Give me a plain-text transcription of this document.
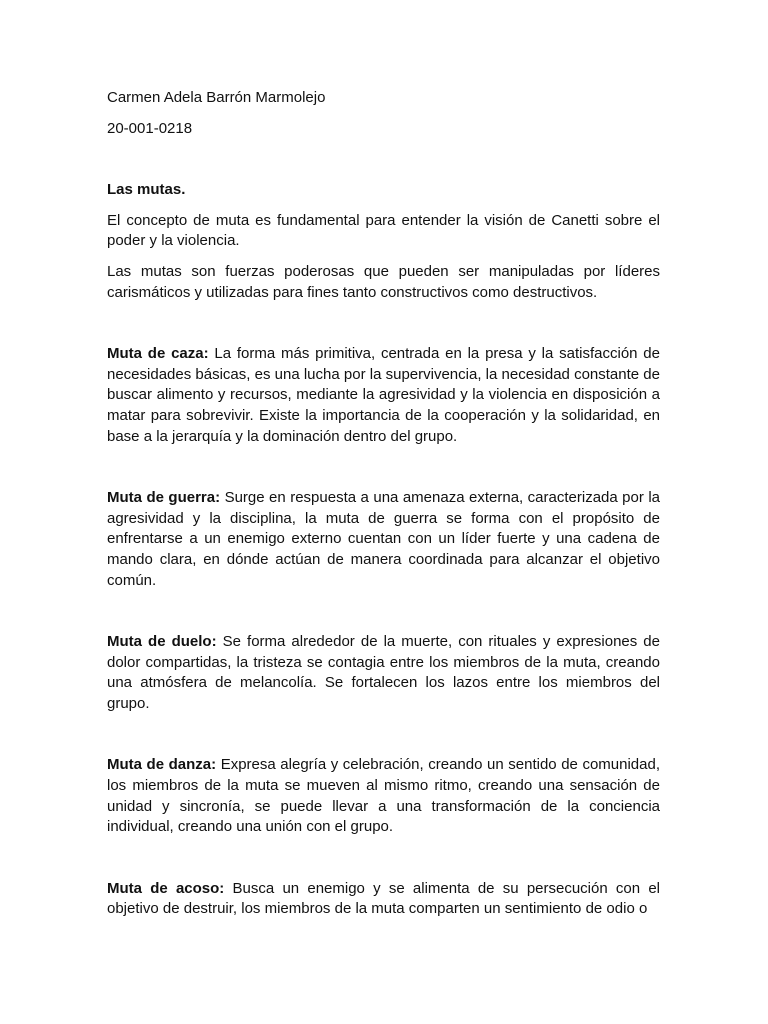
Carmen Adela Barrón Marmolejo

20-001-0218

Las mutas.

El concepto de muta es fundamental para entender la visión de Canetti sobre el poder y la violencia.

Las mutas son fuerzas poderosas que pueden ser manipuladas por líderes carismáticos y utilizadas para fines tanto constructivos como destructivos.

Muta de caza: La forma más primitiva, centrada en la presa y la satisfacción de necesidades básicas, es una lucha por la supervivencia, la necesidad constante de buscar alimento y recursos, mediante la agresividad y la violencia en disposición a matar para sobrevivir. Existe la importancia de la cooperación y la solidaridad, en base a la jerarquía y la dominación dentro del grupo.

Muta de guerra: Surge en respuesta a una amenaza externa, caracterizada por la agresividad y la disciplina, la muta de guerra se forma con el propósito de enfrentarse a un enemigo externo cuentan con un líder fuerte y una cadena de mando clara, en dónde actúan de manera coordinada para alcanzar el objetivo común.

Muta de duelo: Se forma alrededor de la muerte, con rituales y expresiones de dolor compartidas, la tristeza se contagia entre los miembros de la muta, creando una atmósfera de melancolía. Se fortalecen los lazos entre los miembros del grupo.

Muta de danza: Expresa alegría y celebración, creando un sentido de comunidad, los miembros de la muta se mueven al mismo ritmo, creando una sensación de unidad y sincronía, se puede llevar a una transformación de la conciencia individual, creando una unión con el grupo.

Muta de acoso: Busca un enemigo y se alimenta de su persecución con el objetivo de destruir, los miembros de la muta comparten un sentimiento de odio o
